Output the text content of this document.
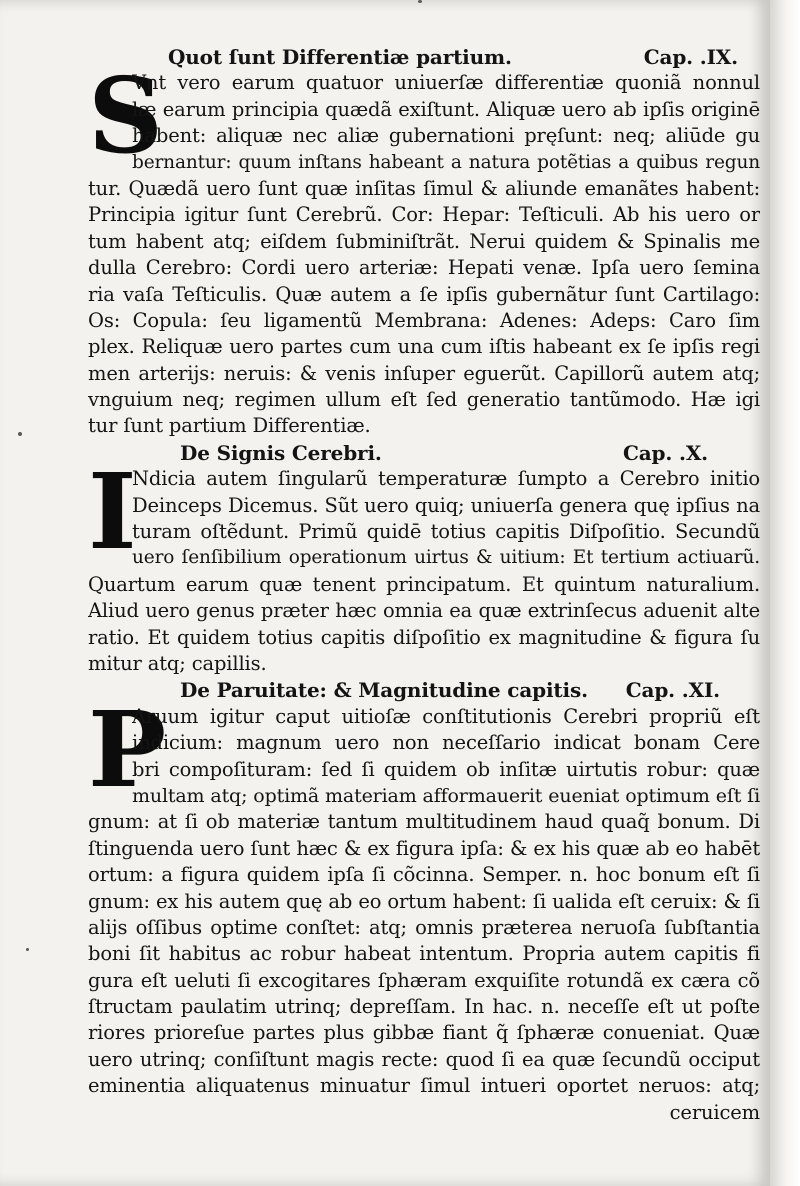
Quot ſunt Differentiæ partium.	Cap. .IX.
S
Vnt vero earum quatuor uniuerſæ differentiæ quoniã nonnul
læ earum principia quædã exiſtunt. Aliquæ uero ab ipſis originē
habent: aliquæ nec aliæ gubernationi pręſunt: neq; aliūde gu
bernantur: quum inſtans habeant a natura potẽtias a quibus regun
tur. Quædã uero ſunt quæ inſitas ſimul & aliunde emanãtes habent:
Principia igitur ſunt Cerebrũ. Cor: Hepar: Teſticuli. Ab his uero or
tum habent atq; eiſdem ſubminiſtrãt. Nerui quidem & Spinalis me
dulla Cerebro: Cordi uero arteriæ: Hepati venæ. Ipſa uero ſemina
ria vaſa Teſticulis. Quæ autem a ſe ipſis gubernãtur ſunt Cartilago:
Os: Copula: ſeu ligamentũ Membrana: Adenes: Adeps: Caro ſim
plex. Reliquæ uero partes cum una cum iſtis habeant ex ſe ipſis regi
men arterijs: neruis: & venis inſuper eguerũt. Capillorũ autem atq;
vnguium neq; regimen ullum eſt ſed generatio tantũmodo. Hæ igi
tur ſunt partium Differentiæ.
De Signis Cerebri.	Cap. .X.
I
Ndicia autem ſingularũ temperaturæ ſumpto a Cerebro initio
Deinceps Dicemus. Sũt uero quiq; uniuerſa genera quę ipſius na
turam oſtẽdunt. Primũ quidē totius capitis Diſpoſitio. Secundũ
uero ſenſibilium operationum uirtus & uitium: Et tertium actiuarũ.
Quartum earum quæ tenent principatum. Et quintum naturalium.
Aliud uero genus præter hæc omnia ea quæ extrinſecus aduenit alte
ratio. Et quidem totius capitis diſpoſitio ex magnitudine & figura ſu
mitur atq; capillis.
De Paruitate: & Magnitudine capitis. Cap. .XI.
P
Aruum igitur caput uitioſæ conſtitutionis Cerebri propriũ eſt
indicium: magnum uero non neceſſario indicat bonam Cere
bri compoſituram: ſed ſi quidem ob inſitæ uirtutis robur: quæ
multam atq; optimã materiam afformauerit eueniat optimum eſt ſi
gnum: at ſi ob materiæ tantum multitudinem haud quaq̃ bonum. Di
ſtinguenda uero ſunt hæc & ex figura ipſa: & ex his quæ ab eo habēt
ortum: a figura quidem ipſa ſi cõcinna. Semper. n. hoc bonum eſt ſi
gnum: ex his autem quę ab eo ortum habent: ſi ualida eſt ceruix: & ſi
alijs oſſibus optime conſtet: atq; omnis præterea neruoſa ſubſtantia
boni ſit habitus ac robur habeat intentum. Propria autem capitis fi
gura eſt ueluti ſi excogitares ſphæram exquiſite rotundã ex cæra cõ
ſtructam paulatim utrinq; depreſſam. In hac. n. neceſſe eſt ut poſte
riores prioreſue partes plus gibbæ fiant q̃ ſphæræ conueniat. Quæ
uero utrinq; conſiſtunt magis recte: quod ſi ea quæ ſecundũ occiput
eminentia aliquatenus minuatur ſimul intueri oportet neruos: atq;
ceruicem
